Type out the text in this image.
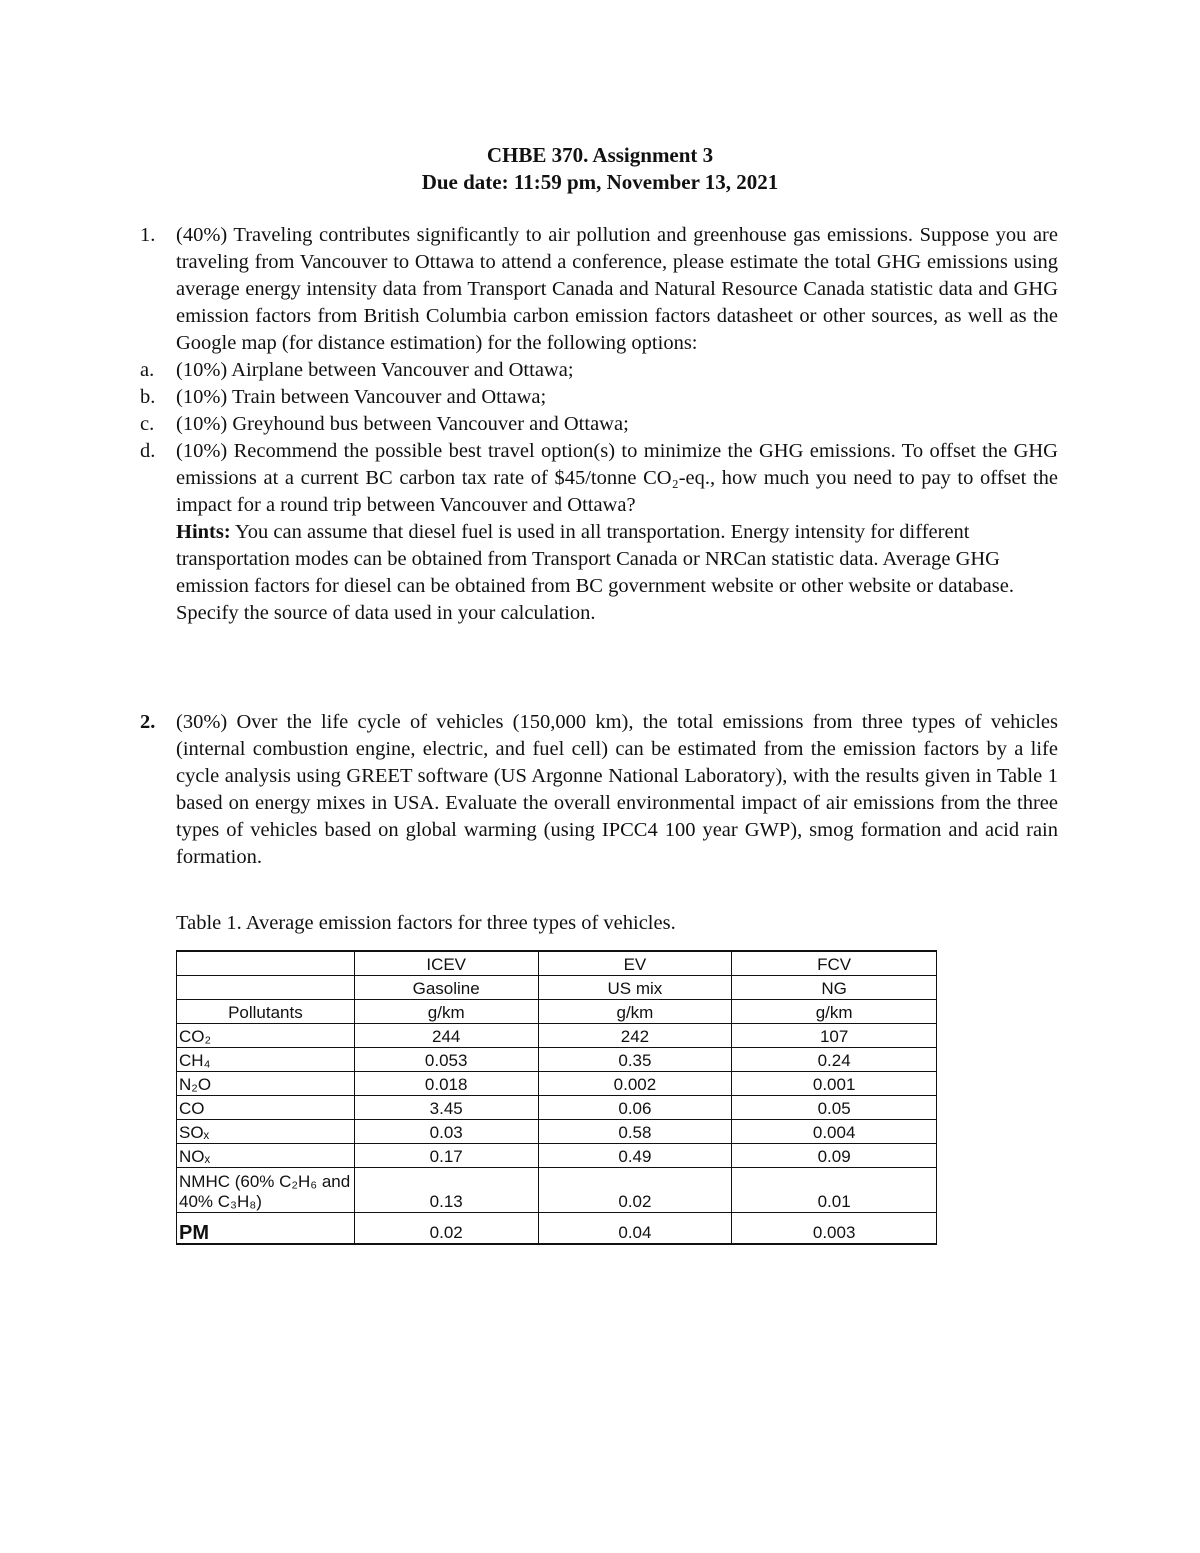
CHBE 370. Assignment 3
Due date: 11:59 pm, November 13, 2021
1.	(40%) Traveling contributes significantly to air pollution and greenhouse gas emissions. Suppose you are traveling from Vancouver to Ottawa to attend a conference, please estimate the total GHG emissions using average energy intensity data from Transport Canada and Natural Resource Canada statistic data and GHG emission factors from British Columbia carbon emission factors datasheet or other sources, as well as the Google map (for distance estimation) for the following options:
a.	(10%) Airplane between Vancouver and Ottawa;
b.	(10%) Train between Vancouver and Ottawa;
c.	(10%) Greyhound bus between Vancouver and Ottawa;
d.	(10%) Recommend the possible best travel option(s) to minimize the GHG emissions. To offset the GHG emissions at a current BC carbon tax rate of $45/tonne CO₂-eq., how much you need to pay to offset the impact for a round trip between Vancouver and Ottawa?
Hints: You can assume that diesel fuel is used in all transportation. Energy intensity for different transportation modes can be obtained from Transport Canada or NRCan statistic data. Average GHG emission factors for diesel can be obtained from BC government website or other website or database. Specify the source of data used in your calculation.
2.	(30%) Over the life cycle of vehicles (150,000 km), the total emissions from three types of vehicles (internal combustion engine, electric, and fuel cell) can be estimated from the emission factors by a life cycle analysis using GREET software (US Argonne National Laboratory), with the results given in Table 1 based on energy mixes in USA. Evaluate the overall environmental impact of air emissions from the three types of vehicles based on global warming (using IPCC4 100 year GWP), smog formation and acid rain formation.
Table 1. Average emission factors for three types of vehicles.
	ICEV	EV	FCV
	Gasoline	US mix	NG
Pollutants	g/km	g/km	g/km
CO₂	244	242	107
CH₄	0.053	0.35	0.24
N₂O	0.018	0.002	0.001
CO	3.45	0.06	0.05
SOₓ	0.03	0.58	0.004
NOₓ	0.17	0.49	0.09
NMHC (60% C₂H₆ and 40% C₃H₈)	0.13	0.02	0.01
PM	0.02	0.04	0.003
